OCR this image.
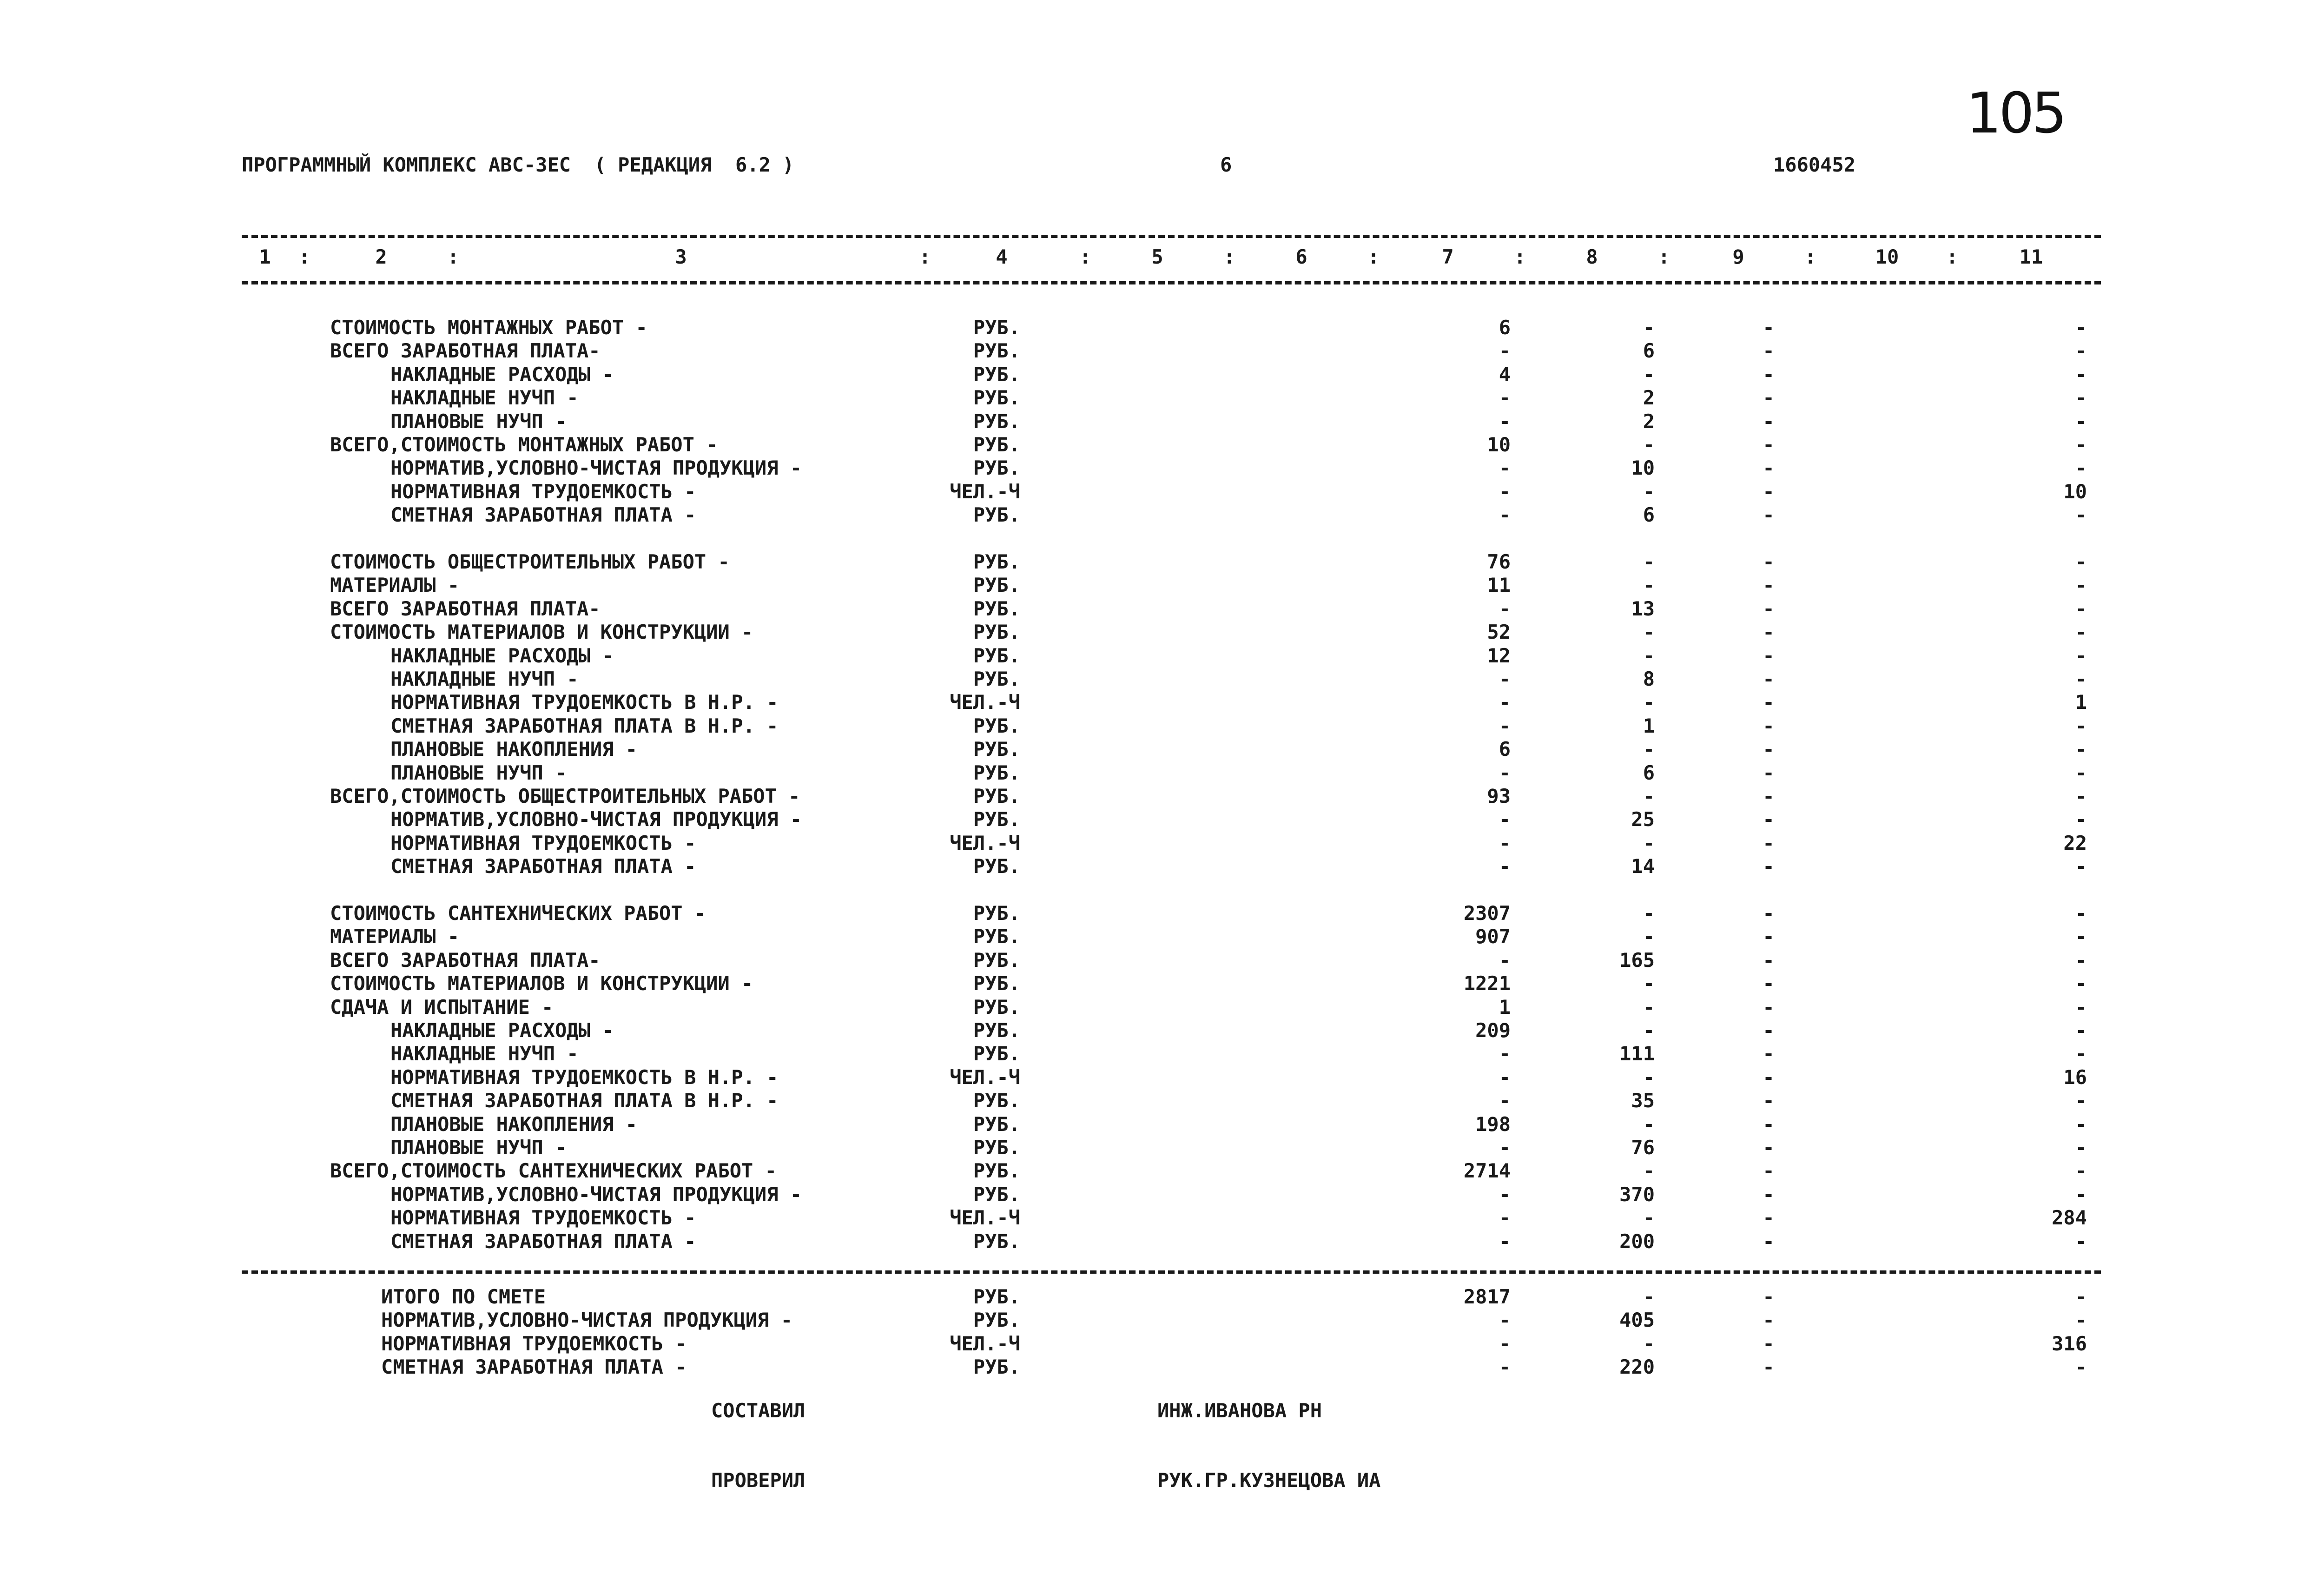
ПРОГРАММНЫЙ КОМПЛЕКС АВС-ЗЕС  ( РЕДАКЦИЯ  6.2 )	6	1660452
105
1	2	3	4	5	6	7	8	9	10	11
:	:	:	:	:	:	:	:	:	:
СТОИМОСТЬ МОНТАЖНЫХ РАБОТ -	РУБ.	6	-	-	-
ВСЕГО ЗАРАБОТНАЯ ПЛАТА-	РУБ.	-	6	-	-
НАКЛАДНЫЕ РАСХОДЫ -	РУБ.	4	-	-	-
НАКЛАДНЫЕ НУЧП -	РУБ.	-	2	-	-
ПЛАНОВЫЕ НУЧП -	РУБ.	-	2	-	-
ВСЕГО,СТОИМОСТЬ МОНТАЖНЫХ РАБОТ -	РУБ.	10	-	-	-
НОРМАТИВ,УСЛОВНО-ЧИСТАЯ ПРОДУКЦИЯ -	РУБ.	-	10	-	-
НОРМАТИВНАЯ ТРУДОЕМКОСТЬ -	ЧЕЛ.-Ч	-	-	-	10
СМЕТНАЯ ЗАРАБОТНАЯ ПЛАТА -	РУБ.	-	6	-	-
СТОИМОСТЬ ОБЩЕСТРОИТЕЛЬНЫХ РАБОТ -	РУБ.	76	-	-	-
МАТЕРИАЛЫ -	РУБ.	11	-	-	-
ВСЕГО ЗАРАБОТНАЯ ПЛАТА-	РУБ.	-	13	-	-
СТОИМОСТЬ МАТЕРИАЛОВ И КОНСТРУКЦИИ -	РУБ.	52	-	-	-
НАКЛАДНЫЕ РАСХОДЫ -	РУБ.	12	-	-	-
НАКЛАДНЫЕ НУЧП -	РУБ.	-	8	-	-
НОРМАТИВНАЯ ТРУДОЕМКОСТЬ В Н.Р. -	ЧЕЛ.-Ч	-	-	-	1
СМЕТНАЯ ЗАРАБОТНАЯ ПЛАТА В Н.Р. -	РУБ.	-	1	-	-
ПЛАНОВЫЕ НАКОПЛЕНИЯ -	РУБ.	6	-	-	-
ПЛАНОВЫЕ НУЧП -	РУБ.	-	6	-	-
ВСЕГО,СТОИМОСТЬ ОБЩЕСТРОИТЕЛЬНЫХ РАБОТ -	РУБ.	93	-	-	-
НОРМАТИВ,УСЛОВНО-ЧИСТАЯ ПРОДУКЦИЯ -	РУБ.	-	25	-	-
НОРМАТИВНАЯ ТРУДОЕМКОСТЬ -	ЧЕЛ.-Ч	-	-	-	22
СМЕТНАЯ ЗАРАБОТНАЯ ПЛАТА -	РУБ.	-	14	-	-
СТОИМОСТЬ САНТЕХНИЧЕСКИХ РАБОТ -	РУБ.	2307	-	-	-
МАТЕРИАЛЫ -	РУБ.	907	-	-	-
ВСЕГО ЗАРАБОТНАЯ ПЛАТА-	РУБ.	-	165	-	-
СТОИМОСТЬ МАТЕРИАЛОВ И КОНСТРУКЦИИ -	РУБ.	1221	-	-	-
СДАЧА И ИСПЫТАНИЕ -	РУБ.	1	-	-	-
НАКЛАДНЫЕ РАСХОДЫ -	РУБ.	209	-	-	-
НАКЛАДНЫЕ НУЧП -	РУБ.	-	111	-	-
НОРМАТИВНАЯ ТРУДОЕМКОСТЬ В Н.Р. -	ЧЕЛ.-Ч	-	-	-	16
СМЕТНАЯ ЗАРАБОТНАЯ ПЛАТА В Н.Р. -	РУБ.	-	35	-	-
ПЛАНОВЫЕ НАКОПЛЕНИЯ -	РУБ.	198	-	-	-
ПЛАНОВЫЕ НУЧП -	РУБ.	-	76	-	-
ВСЕГО,СТОИМОСТЬ САНТЕХНИЧЕСКИХ РАБОТ -	РУБ.	2714	-	-	-
НОРМАТИВ,УСЛОВНО-ЧИСТАЯ ПРОДУКЦИЯ -	РУБ.	-	370	-	-
НОРМАТИВНАЯ ТРУДОЕМКОСТЬ -	ЧЕЛ.-Ч	-	-	-	284
СМЕТНАЯ ЗАРАБОТНАЯ ПЛАТА -	РУБ.	-	200	-	-
ИТОГО ПО СМЕТЕ	РУБ.	2817	-	-	-
НОРМАТИВ,УСЛОВНО-ЧИСТАЯ ПРОДУКЦИЯ -	РУБ.	-	405	-	-
НОРМАТИВНАЯ ТРУДОЕМКОСТЬ -	ЧЕЛ.-Ч	-	-	-	316
СМЕТНАЯ ЗАРАБОТНАЯ ПЛАТА -	РУБ.	-	220	-	-
СОСТАВИЛ	ИНЖ.ИВАНОВА РН
ПРОВЕРИЛ	РУК.ГР.КУЗНЕЦОВА ИА
